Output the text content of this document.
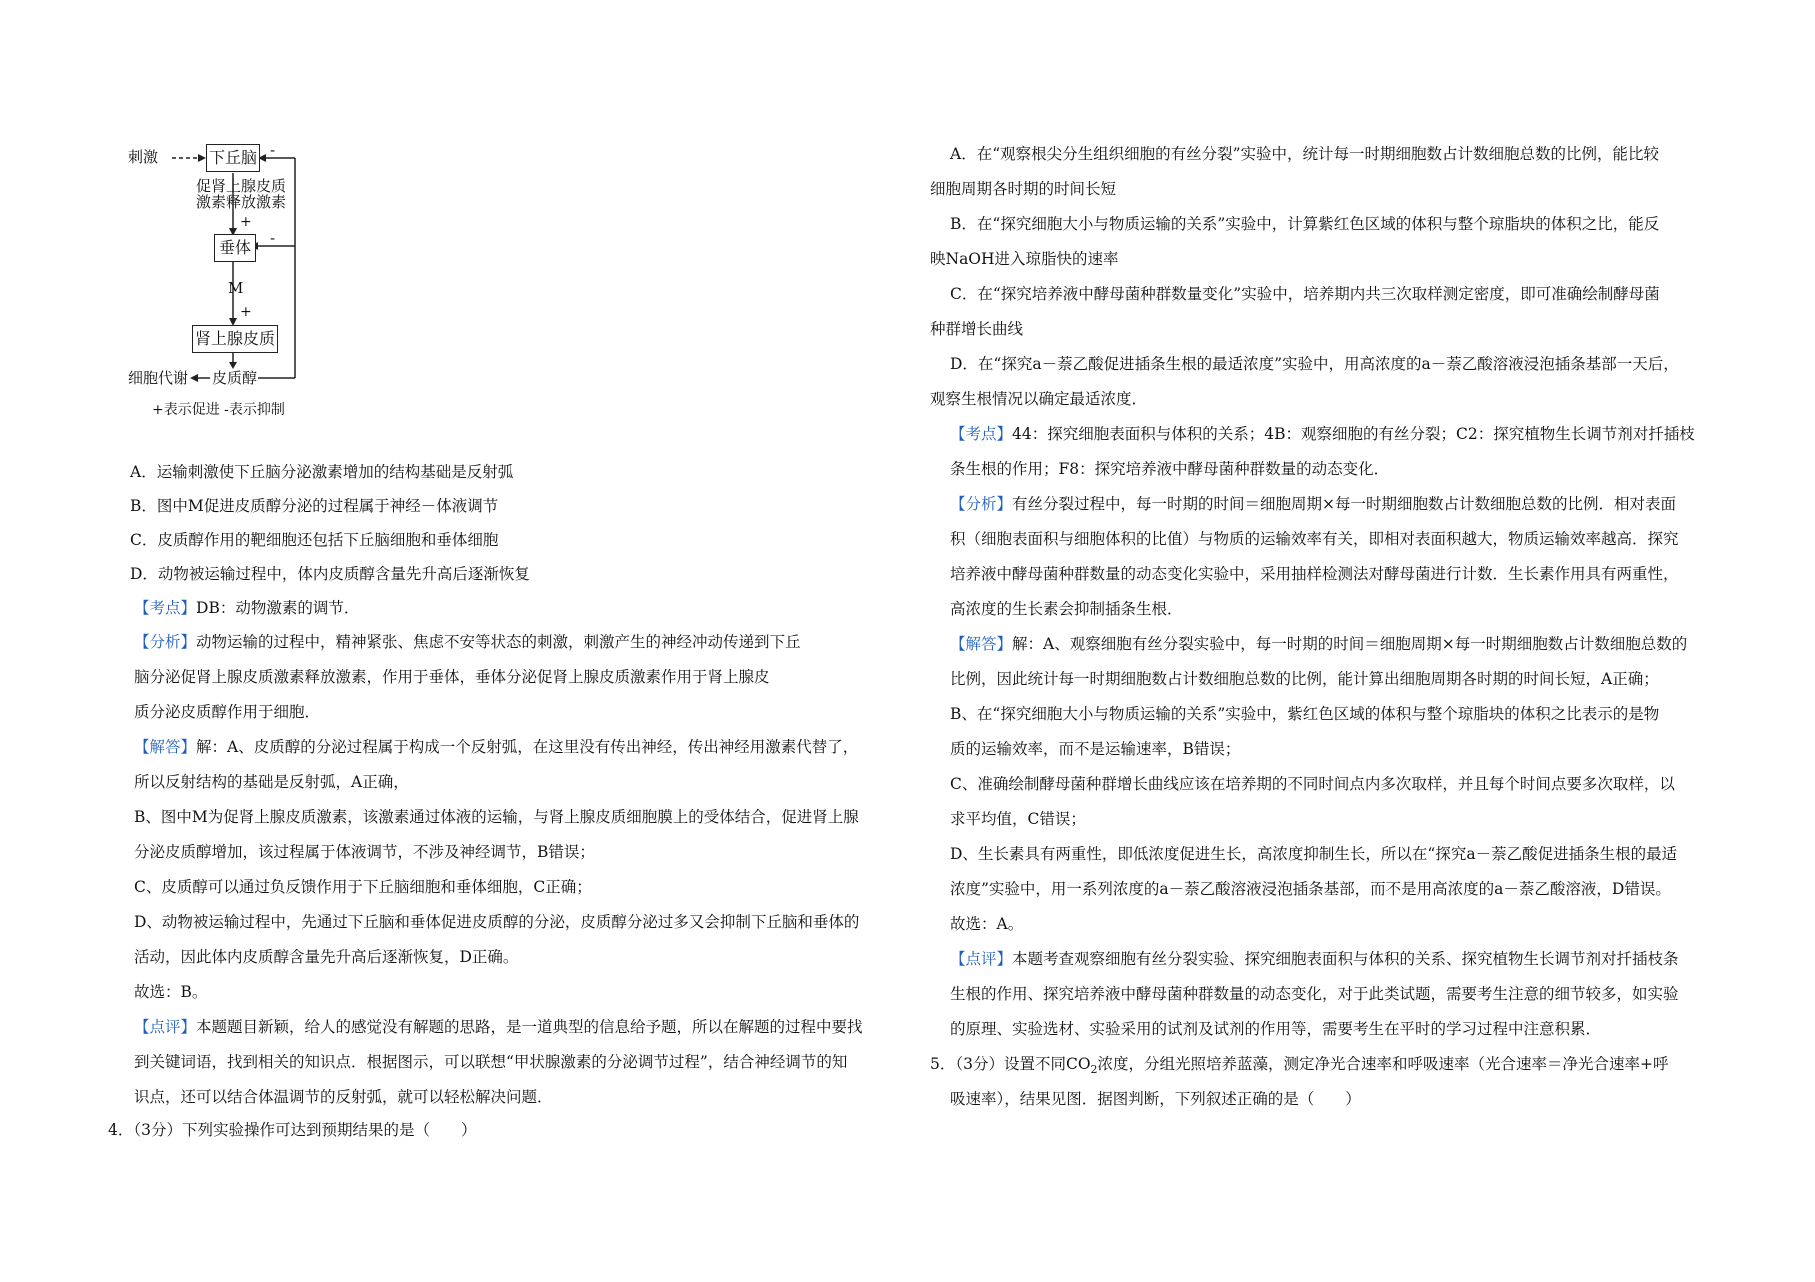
刺激	下丘脑 -
促肾上腺皮质
激素释放激素
+
垂体	-
M
+
肾上腺皮质
细胞代谢 皮质醇
+表示促进 -表示抑制
A．运输刺激使下丘脑分泌激素增加的结构基础是反射弧
B．图中M促进皮质醇分泌的过程属于神经－体液调节
C．皮质醇作用的靶细胞还包括下丘脑细胞和垂体细胞
D．动物被运输过程中，体内皮质醇含量先升高后逐渐恢复
【考点】DB：动物激素的调节．
【分析】动物运输的过程中，精神紧张、焦虑不安等状态的刺激，刺激产生的神经冲动传递到下丘
脑分泌促肾上腺皮质激素释放激素，作用于垂体，垂体分泌促肾上腺皮质激素作用于肾上腺皮
质分泌皮质醇作用于细胞．
【解答】解：A、皮质醇的分泌过程属于构成一个反射弧，在这里没有传出神经，传出神经用激素代替了，
所以反射结构的基础是反射弧，A正确，
B、图中M为促肾上腺皮质激素，该激素通过体液的运输，与肾上腺皮质细胞膜上的受体结合，促进肾上腺
分泌皮质醇增加，该过程属于体液调节，不涉及神经调节，B错误；
C、皮质醇可以通过负反馈作用于下丘脑细胞和垂体细胞，C正确；
D、动物被运输过程中，先通过下丘脑和垂体促进皮质醇的分泌，皮质醇分泌过多又会抑制下丘脑和垂体的
活动，因此体内皮质醇含量先升高后逐渐恢复，D正确。
故选：B。
【点评】本题题目新颖，给人的感觉没有解题的思路，是一道典型的信息给予题，所以在解题的过程中要找
到关键词语，找到相关的知识点．根据图示，可以联想“甲状腺激素的分泌调节过程”，结合神经调节的知
识点，还可以结合体温调节的反射弧，就可以轻松解决问题．
4．（3分）下列实验操作可达到预期结果的是（　　）
A．在“观察根尖分生组织细胞的有丝分裂”实验中，统计每一时期细胞数占计数细胞总数的比例，能比较
细胞周期各时期的时间长短
B．在“探究细胞大小与物质运输的关系”实验中，计算紫红色区域的体积与整个琼脂块的体积之比，能反
映NaOH进入琼脂快的速率
C．在“探究培养液中酵母菌种群数量变化”实验中，培养期内共三次取样测定密度，即可准确绘制酵母菌
种群增长曲线
D．在“探究a－萘乙酸促进插条生根的最适浓度”实验中，用高浓度的a－萘乙酸溶液浸泡插条基部一天后，
观察生根情况以确定最适浓度．
【考点】44：探究细胞表面积与体积的关系；4B：观察细胞的有丝分裂；C2：探究植物生长调节剂对扦插枝
条生根的作用；F8：探究培养液中酵母菌种群数量的动态变化．
【分析】有丝分裂过程中，每一时期的时间＝细胞周期×每一时期细胞数占计数细胞总数的比例．相对表面
积（细胞表面积与细胞体积的比值）与物质的运输效率有关，即相对表面积越大，物质运输效率越高．探究
培养液中酵母菌种群数量的动态变化实验中，采用抽样检测法对酵母菌进行计数．生长素作用具有两重性，
高浓度的生长素会抑制插条生根．
【解答】解：A、观察细胞有丝分裂实验中，每一时期的时间＝细胞周期×每一时期细胞数占计数细胞总数的
比例，因此统计每一时期细胞数占计数细胞总数的比例，能计算出细胞周期各时期的时间长短，A正确；
B、在“探究细胞大小与物质运输的关系”实验中，紫红色区域的体积与整个琼脂块的体积之比表示的是物
质的运输效率，而不是运输速率，B错误；
C、准确绘制酵母菌种群增长曲线应该在培养期的不同时间点内多次取样，并且每个时间点要多次取样，以
求平均值，C错误；
D、生长素具有两重性，即低浓度促进生长，高浓度抑制生长，所以在“探究a－萘乙酸促进插条生根的最适
浓度”实验中，用一系列浓度的a－萘乙酸溶液浸泡插条基部，而不是用高浓度的a－萘乙酸溶液，D错误。
故选：A。
【点评】本题考查观察细胞有丝分裂实验、探究细胞表面积与体积的关系、探究植物生长调节剂对扦插枝条
生根的作用、探究培养液中酵母菌种群数量的动态变化，对于此类试题，需要考生注意的细节较多，如实验
的原理、实验选材、实验采用的试剂及试剂的作用等，需要考生在平时的学习过程中注意积累．
5．（3分）设置不同$CO_2$浓度，分组光照培养蓝藻，测定净光合速率和呼吸速率（光合速率＝净光合速率+呼
吸速率），结果见图．据图判断，下列叙述正确的是（　　）
